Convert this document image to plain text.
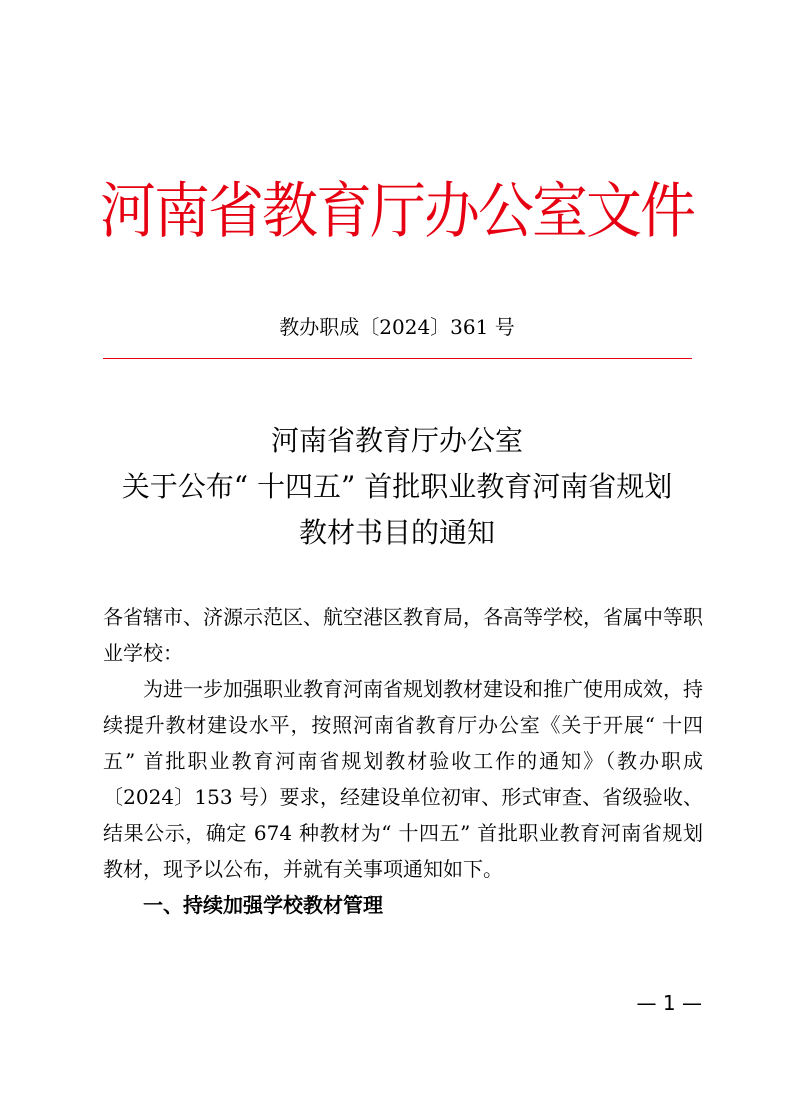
河南省教育厅办公室文件
教办职成〔2024〕361 号
河南省教育厅办公室
关于公布“ 十四五” 首批职业教育河南省规划
教材书目的通知

各省辖市、济源示范区、航空港区教育局，各高等学校，省属中等职业学校：

为进一步加强职业教育河南省规划教材建设和推广使用成效，持续提升教材建设水平，按照河南省教育厅办公室《关于开展“ 十四五” 首批职业教育河南省规划教材验收工作的通知》（教办职成〔2024〕153 号）要求，经建设单位初审、形式审查、省级验收、结果公示，确定 674 种教材为“ 十四五” 首批职业教育河南省规划教材，现予以公布，并就有关事项通知如下。

一、持续加强学校教材管理

— 1 —
